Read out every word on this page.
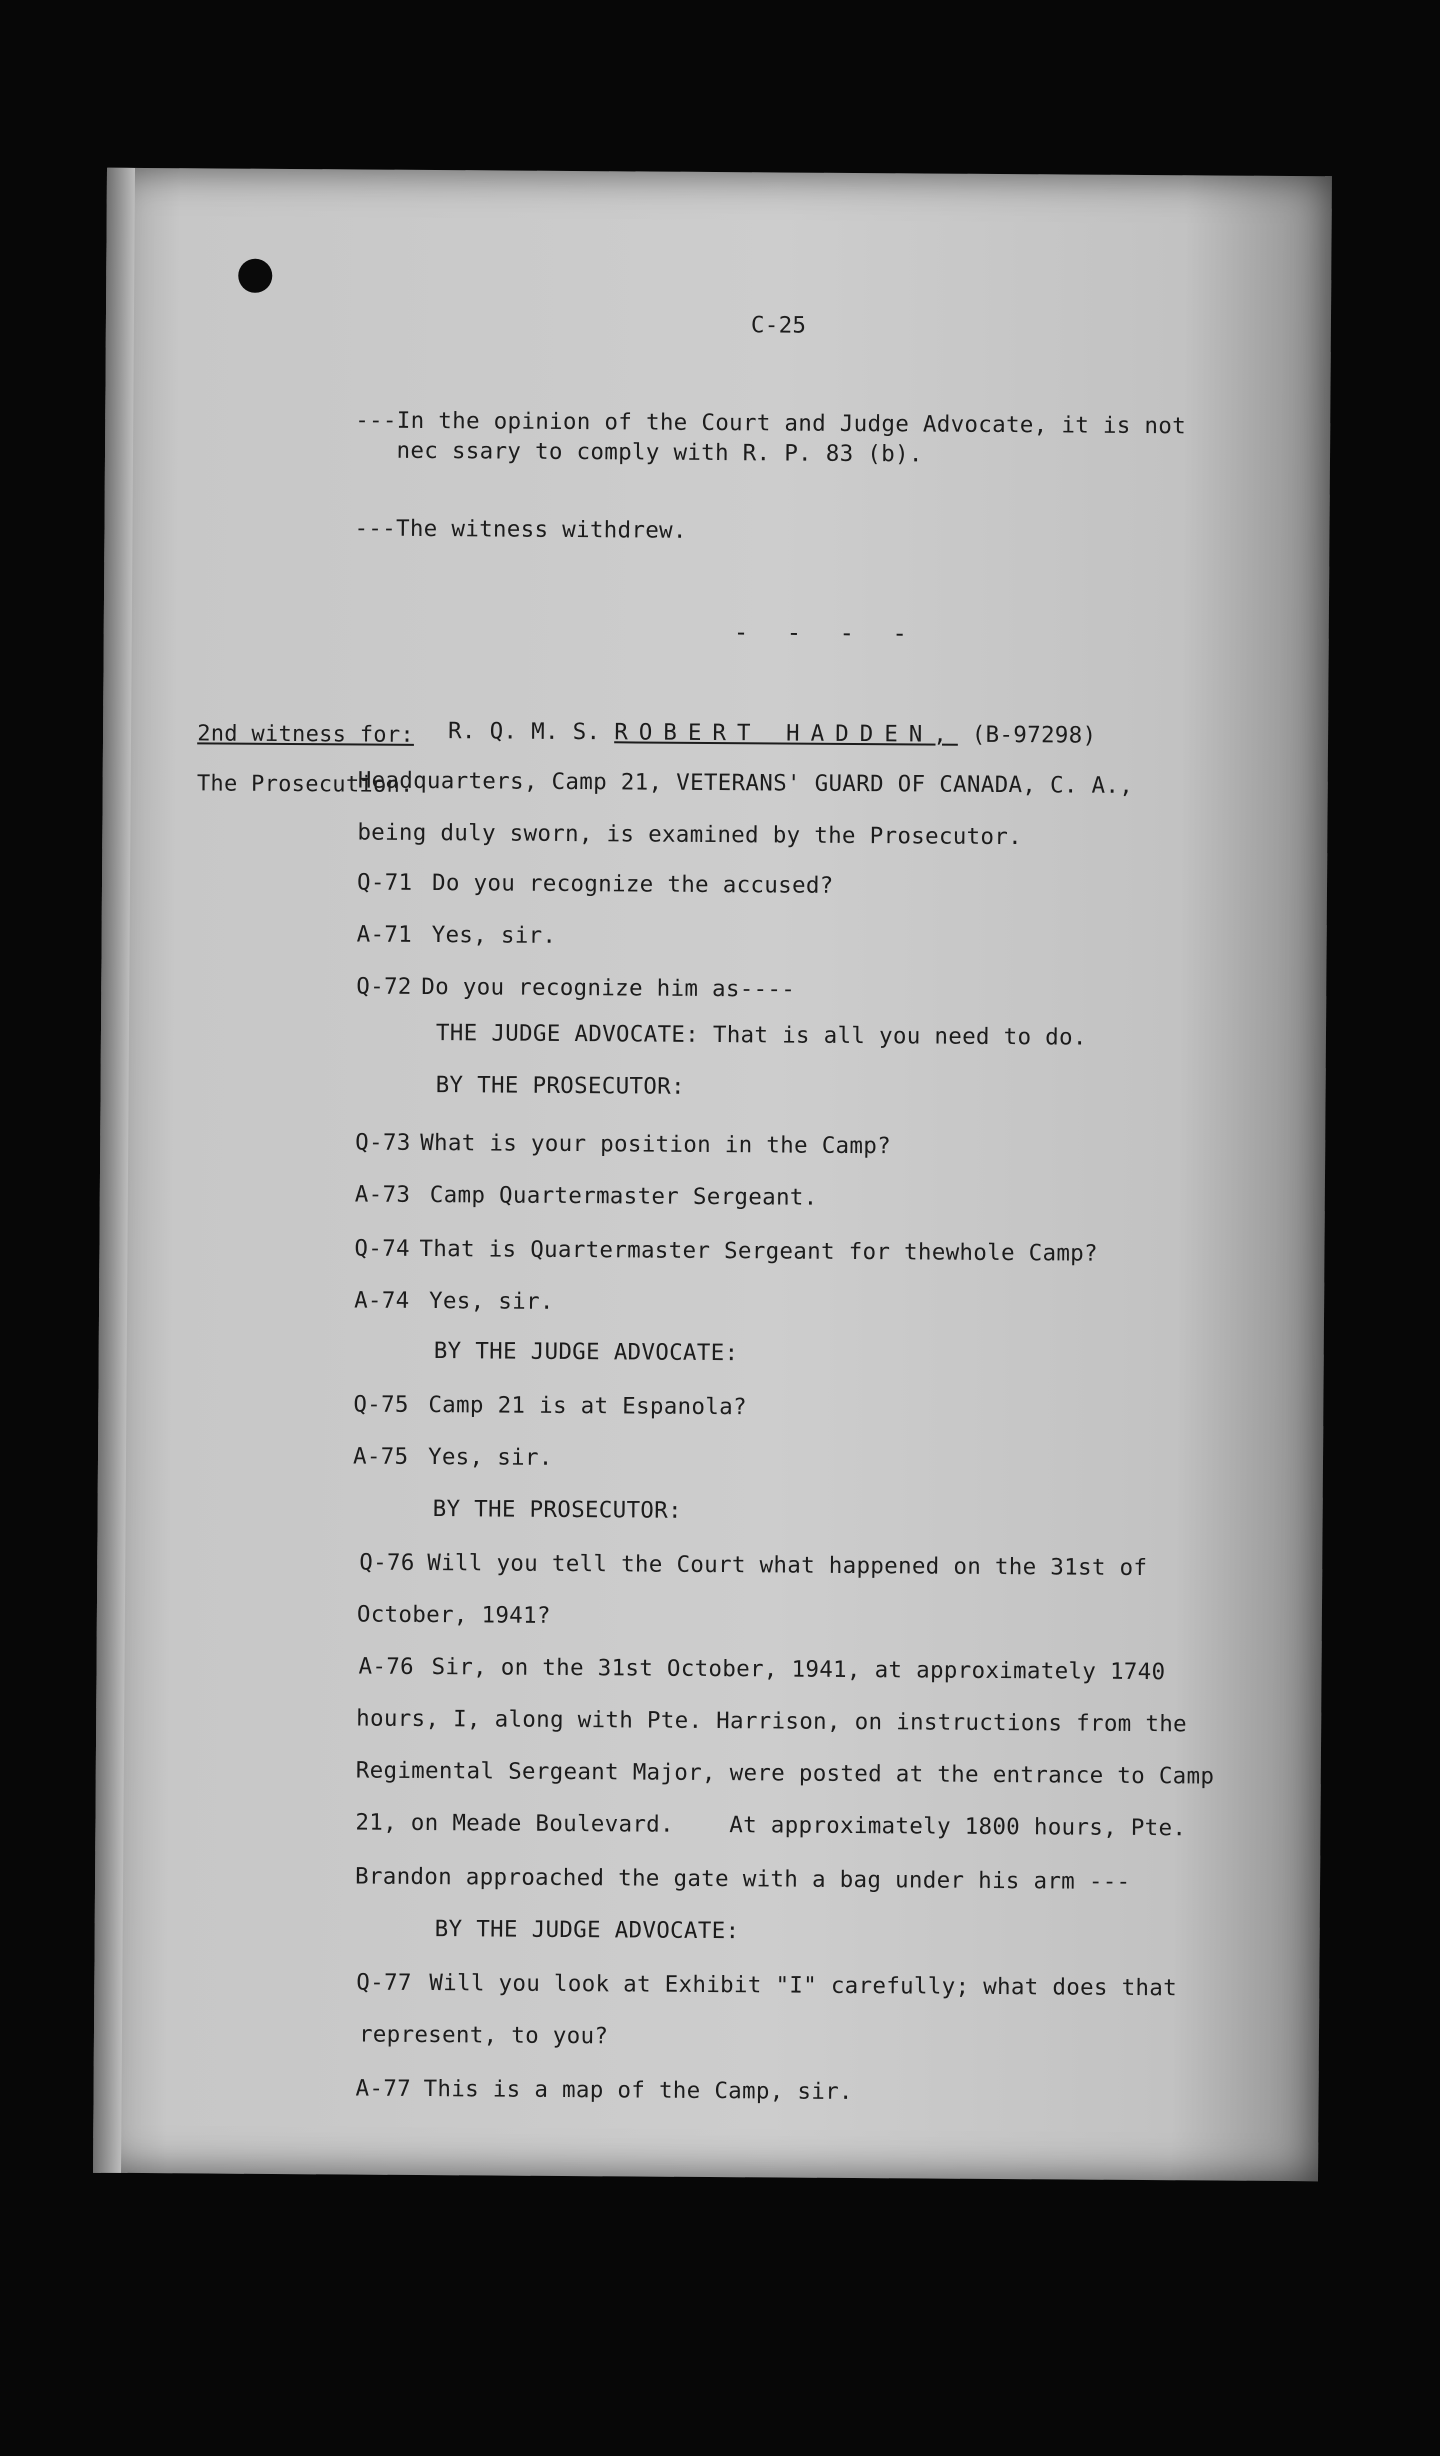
C-25
---In the opinion of the Court and Judge Advocate, it is not
nec ssary to comply with R. P. 83 (b).
---The witness withdrew.
- - - -

2nd witness for:

The Prosecution.

R. Q. M. S. ROBERT HADDEN, (B-97298)
Headquarters, Camp 21, VETERANS' GUARD OF CANADA, C. A.,
being duly sworn, is examined by the Prosecutor.
Q-71 Do you recognize the accused?
A-71 Yes, sir.
Q-72 Do you recognize him as----
THE JUDGE ADVOCATE: That is all you need to do.
BY THE PROSECUTOR:
Q-73 What is your position in the Camp?
A-73 Camp Quartermaster Sergeant.
Q-74 That is Quartermaster Sergeant for thewhole Camp?
A-74 Yes, sir.
BY THE JUDGE ADVOCATE:
Q-75 Camp 21 is at Espanola?
A-75 Yes, sir.
BY THE PROSECUTOR:
Q-76 Will you tell the Court what happened on the 31st of
October, 1941?
A-76 Sir, on the 31st October, 1941, at approximately 1740
hours, I, along with Pte. Harrison, on instructions from the
Regimental Sergeant Major, were posted at the entrance to Camp
21, on Meade Boulevard.    At approximately 1800 hours, Pte.
Brandon approached the gate with a bag under his arm ---
BY THE JUDGE ADVOCATE:
Q-77 Will you look at Exhibit "I" carefully; what does that
represent, to you?
A-77 This is a map of the Camp, sir.
